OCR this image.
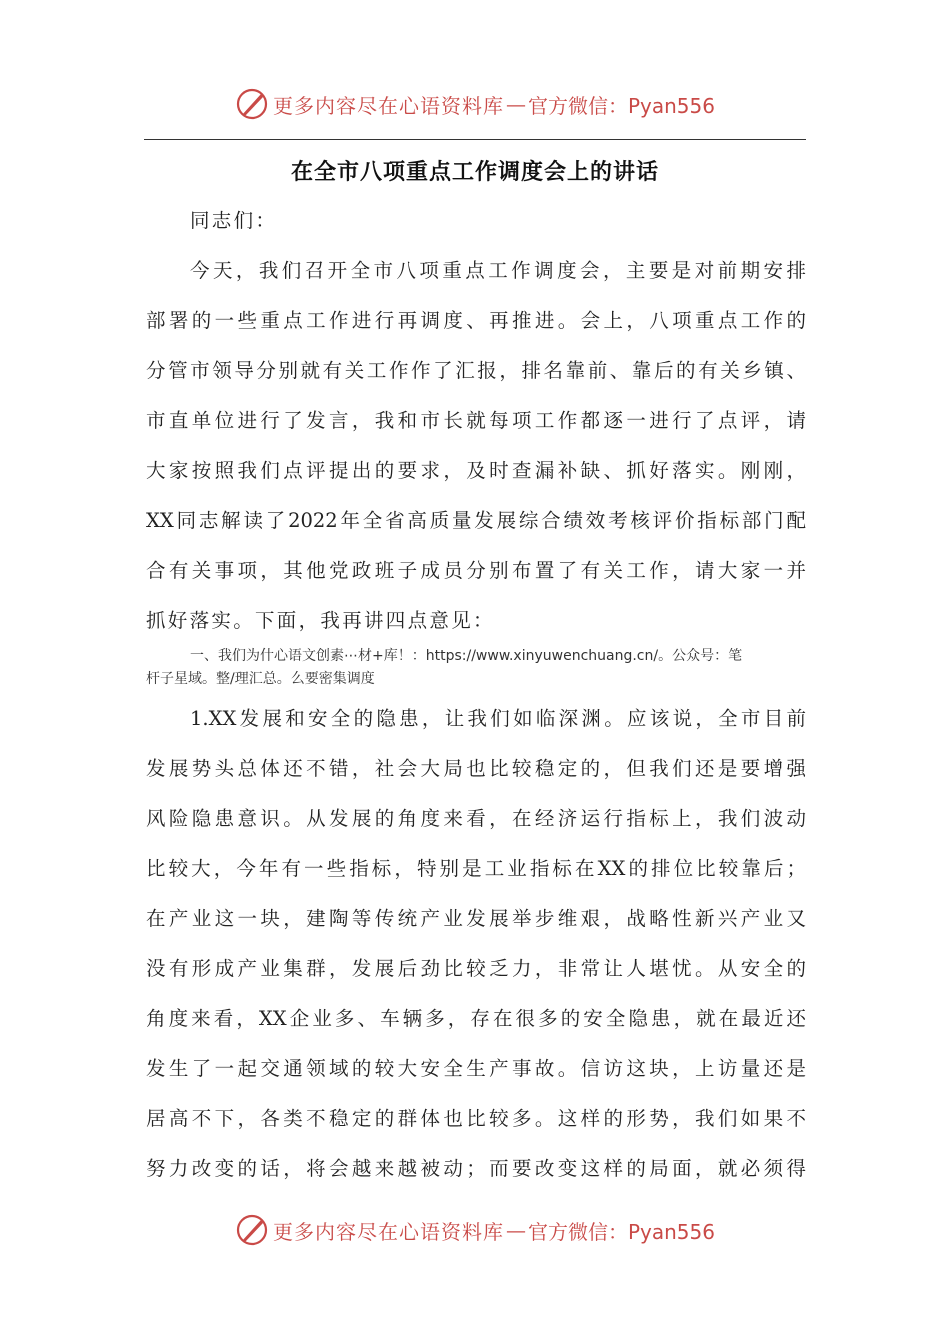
更多内容尽在心语资料库 — 官方微信：Pyan556
在全市八项重点工作调度会上的讲话
同志们：
今天，我们召开全市八项重点工作调度会，主要是对前期安排
部署的一些重点工作进行再调度、再推进。会上，八项重点工作的
分管市领导分别就有关工作作了汇报，排名靠前、靠后的有关乡镇、
市直单位进行了发言，我和市长就每项工作都逐一进行了点评，请
大家按照我们点评提出的要求，及时查漏补缺、抓好落实。刚刚，
XX同志解读了2022年全省高质量发展综合绩效考核评价指标部门配
合有关事项，其他党政班子成员分别布置了有关工作，请大家一并
抓好落实。下面，我再讲四点意见：
一、我们为什心语文创素⋯材+库！：https://www.xinyuwenchuang.cn/。公众号：笔
杆子星域。整/理汇总。么要密集调度
1.XX发展和安全的隐患，让我们如临深渊。应该说，全市目前
发展势头总体还不错，社会大局也比较稳定的，但我们还是要增强
风险隐患意识。从发展的角度来看，在经济运行指标上，我们波动
比较大，今年有一些指标，特别是工业指标在XX的排位比较靠后；
在产业这一块，建陶等传统产业发展举步维艰，战略性新兴产业又
没有形成产业集群，发展后劲比较乏力，非常让人堪忧。从安全的
角度来看，XX企业多、车辆多，存在很多的安全隐患，就在最近还
发生了一起交通领域的较大安全生产事故。信访这块，上访量还是
居高不下，各类不稳定的群体也比较多。这样的形势，我们如果不
努力改变的话，将会越来越被动；而要改变这样的局面，就必须得
更多内容尽在心语资料库 — 官方微信：Pyan556
